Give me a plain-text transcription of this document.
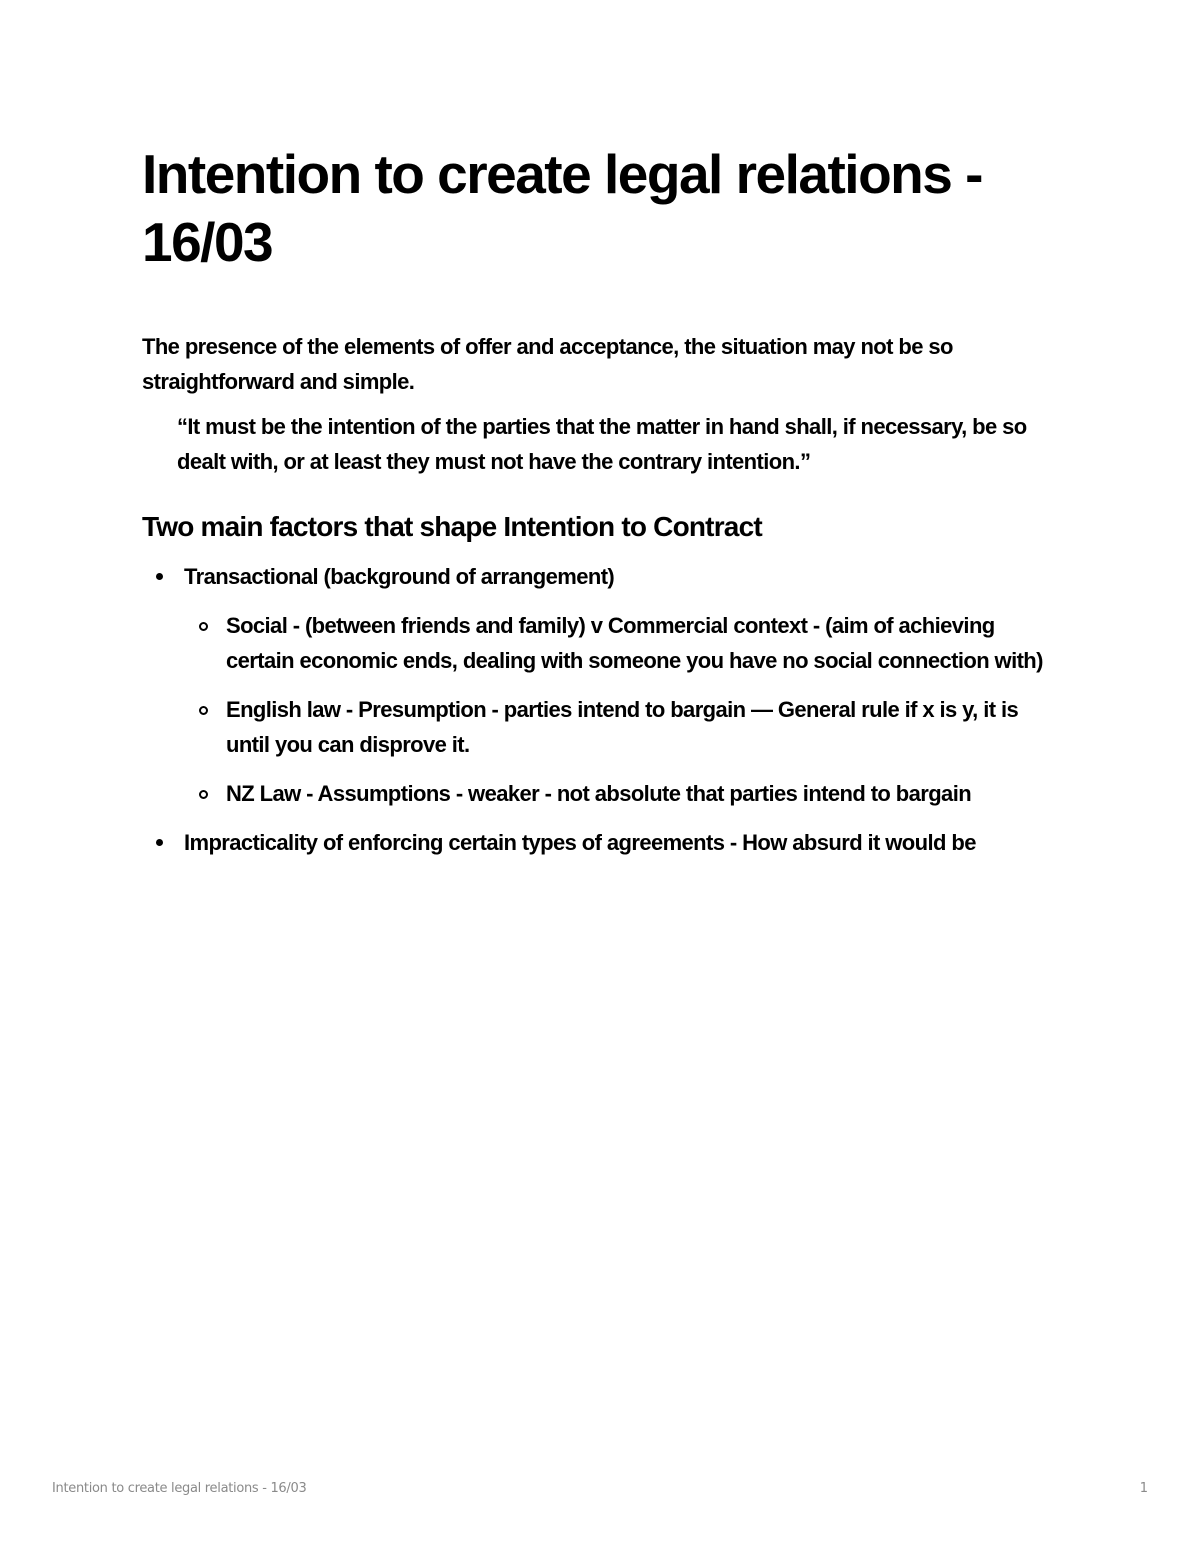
Intention to create legal relations - 16/03

The presence of the elements of offer and acceptance, the situation may not be so straightforward and simple.

“It must be the intention of the parties that the matter in hand shall, if necessary, be so dealt with, or at least they must not have the contrary intention.”

Two main factors that shape Intention to Contract

Transactional (background of arrangement)

Social - (between friends and family) v Commercial context - (aim of achieving certain economic ends, dealing with someone you have no social connection with)

English law - Presumption - parties intend to bargain — General rule if x is y, it is until you can disprove it.

NZ Law - Assumptions - weaker - not absolute that parties intend to bargain

Impracticality of enforcing certain types of agreements - How absurd it would be

Intention to create legal relations - 16/03	1
